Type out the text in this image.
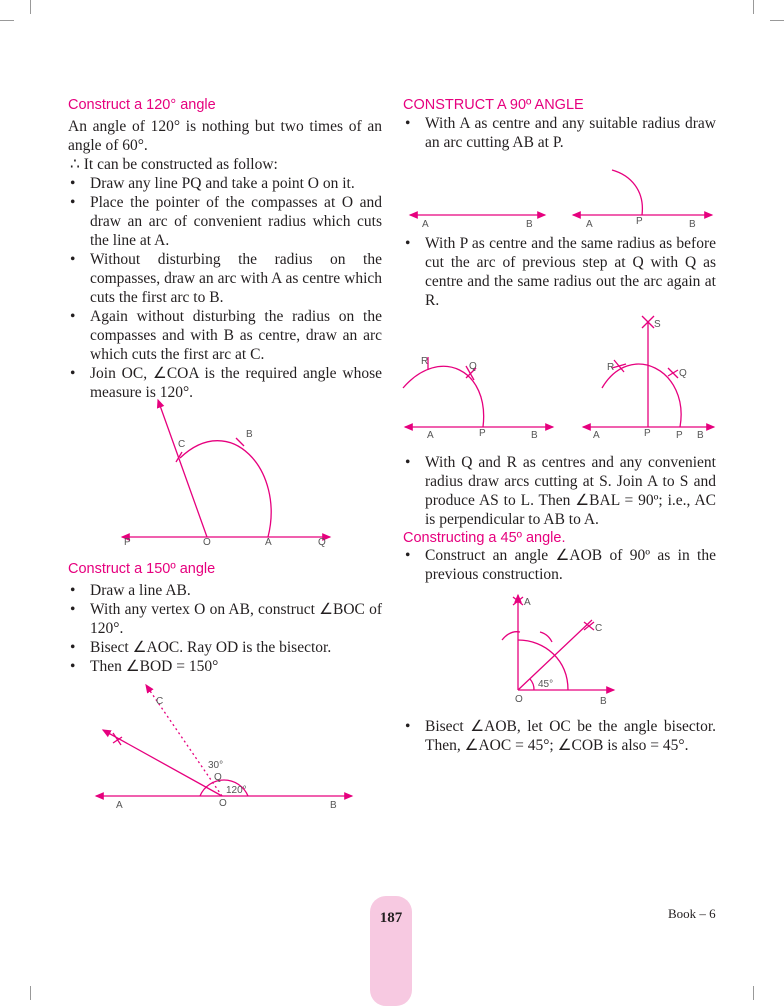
Construct a 120° angle

An angle of 120° is nothing but two times of an angle of 60°.

∴ It can be constructed as follow:

• Draw any line PQ and take a point O on it.
• Place the pointer of the compasses at O and draw an arc of convenient radius which cuts the line at A.
• Without disturbing the radius on the compasses, draw an arc with A as centre which cuts the first arc to B.
• Again without disturbing the radius on the compasses and with B as centre, draw an arc which cuts the first arc at C.
• Join OC, ∠COA is the required angle whose measure is 120°.
Construct a 150º angle
• Draw a line AB.
• With any vertex O on AB, construct ∠BOC of 120°.
• Bisect ∠AOC. Ray OD is the bisector.
• Then ∠BOD = 150°
CONSTRUCT A 90º ANGLE
• With A as centre and any suitable radius draw an arc cutting AB at P.
• With P as centre and the same radius as before cut the arc of previous step at Q with Q as centre and the same radius out the arc again at R.
• With Q and R as centres and any convenient radius draw arcs cutting at S. Join A to S and produce AS to L. Then ∠BAL = 90º; i.e., AC is perpendicular to AB to A.
Constructing a 45º angle.
• Construct an angle ∠AOB of 90º as in the previous construction.
• Bisect ∠AOB, let OC be the angle bisector. Then, ∠AOC = 45°; ∠COB is also = 45°.
P	O	A	Q
B
C
A	O	B
C
30°
Q
120°
A	B	A	P	B
R	Q
A	P	B
S
R
Q
A	P	P B
A
C
O	B
45°
187	Book – 6
